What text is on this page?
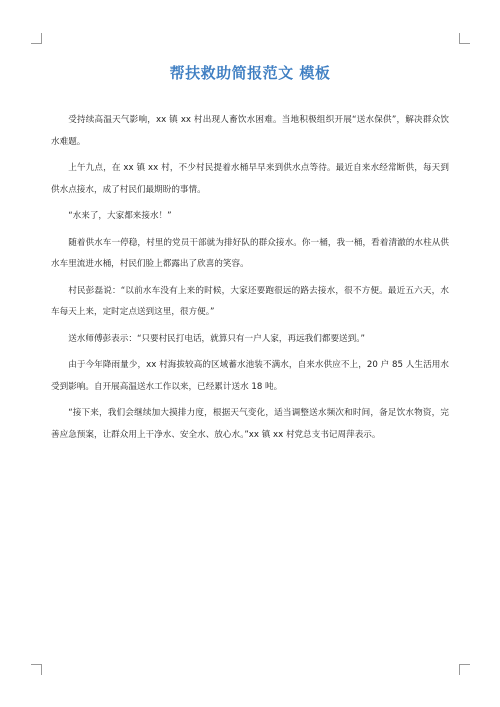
帮扶救助简报范文 模板

受持续高温天气影响，xx 镇 xx 村出现人畜饮水困难。当地积极组织开展“送水保供”，解决群众饮水难题。

上午九点，在 xx 镇 xx 村，不少村民提着水桶早早来到供水点等待。最近自来水经常断供，每天到供水点接水，成了村民们最期盼的事情。

“水来了，大家都来接水！”

随着供水车一停稳，村里的党员干部就为排好队的群众接水。你一桶，我一桶，看着清澈的水柱从供水车里流进水桶，村民们脸上都露出了欣喜的笑容。

村民彭磊说：“以前水车没有上来的时候，大家还要跑很远的路去接水，很不方便。最近五六天，水车每天上来，定时定点送到这里，很方便。”

送水师傅彭表示：“只要村民打电话，就算只有一户人家，再远我们都要送到。”

由于今年降雨量少，xx 村海拔较高的区域蓄水池装不满水，自来水供应不上，20 户 85 人生活用水受到影响。自开展高温送水工作以来，已经累计送水 18 吨。

“接下来，我们会继续加大摸排力度，根据天气变化，适当调整送水频次和时间，备足饮水物资，完善应急预案，让群众用上干净水、安全水、放心水。”xx 镇 xx 村党总支书记周萍表示。
